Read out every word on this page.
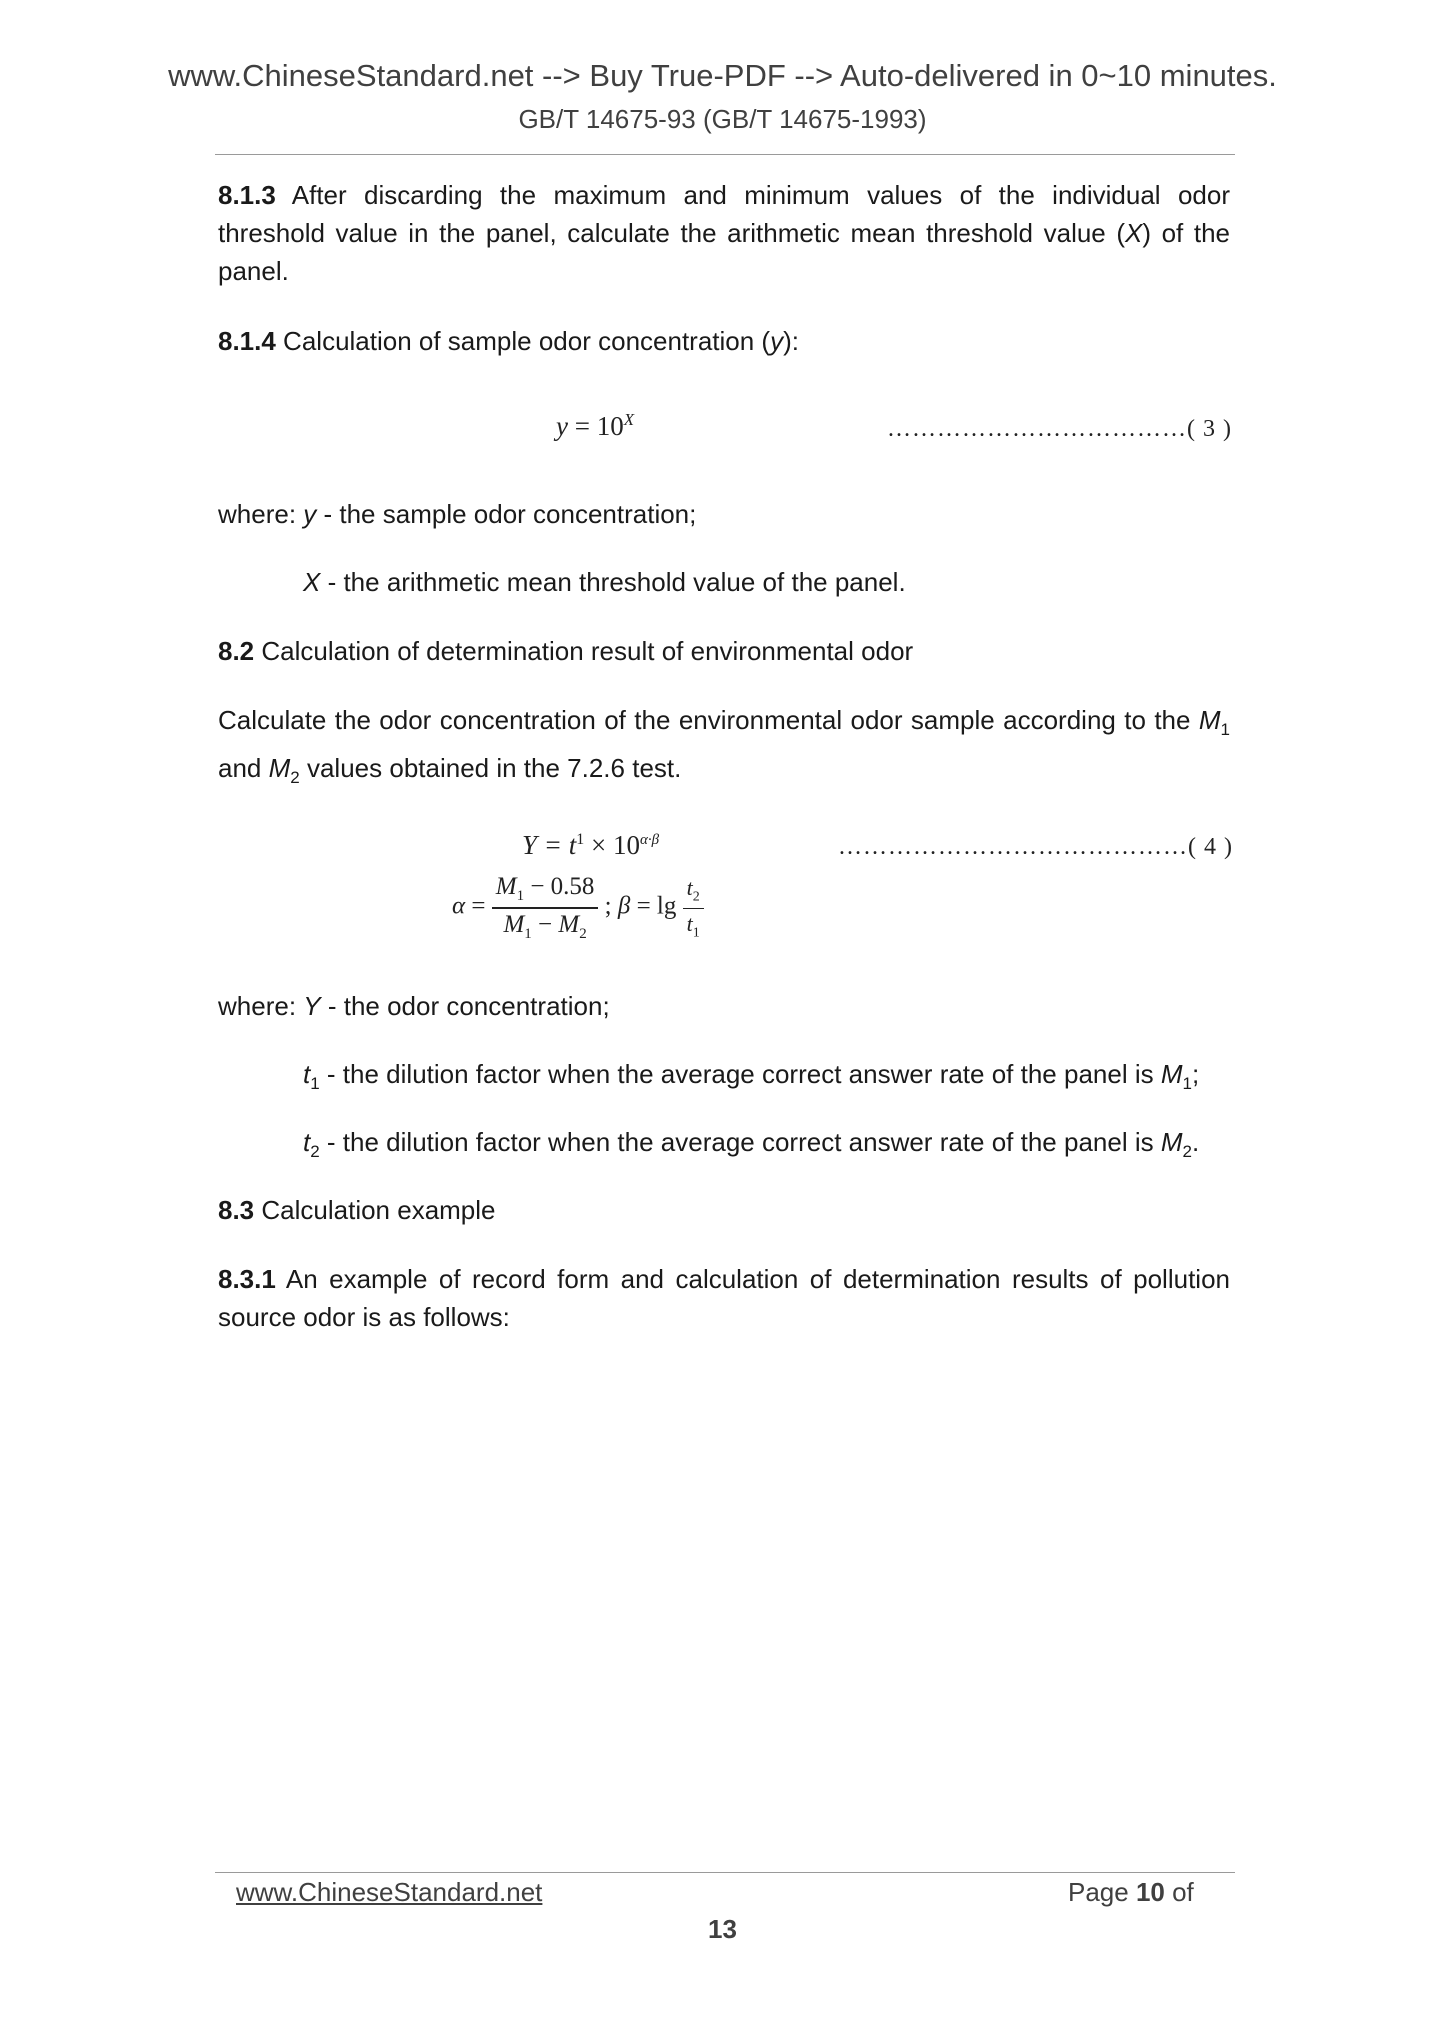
www.ChineseStandard.net --> Buy True-PDF --> Auto-delivered in 0~10 minutes.
GB/T 14675-93 (GB/T 14675-1993)
8.1.3 After discarding the maximum and minimum values of the individual odor threshold value in the panel, calculate the arithmetic mean threshold value (X) of the panel.
8.1.4 Calculation of sample odor concentration (y):
$y = 10^X$	………………………………( 3 )
where: y - the sample odor concentration;
X - the arithmetic mean threshold value of the panel.
8.2 Calculation of determination result of environmental odor
Calculate the odor concentration of the environmental odor sample according to the $M_1$ and $M_2$ values obtained in the 7.2.6 test.
$Y = t^1 \times 10^{\alpha\cdot\beta}$	……………………………………( 4 )
$\alpha = \frac{M_1 - 0.58}{M_1 - M_2}$ ; $\beta = \lg \frac{t_2}{t_1}$
where: Y - the odor concentration;
$t_1$ - the dilution factor when the average correct answer rate of the panel is $M_1$;
$t_2$ - the dilution factor when the average correct answer rate of the panel is $M_2$.
8.3 Calculation example
8.3.1 An example of record form and calculation of determination results of pollution source odor is as follows:
www.ChineseStandard.net	Page 10 of
13
